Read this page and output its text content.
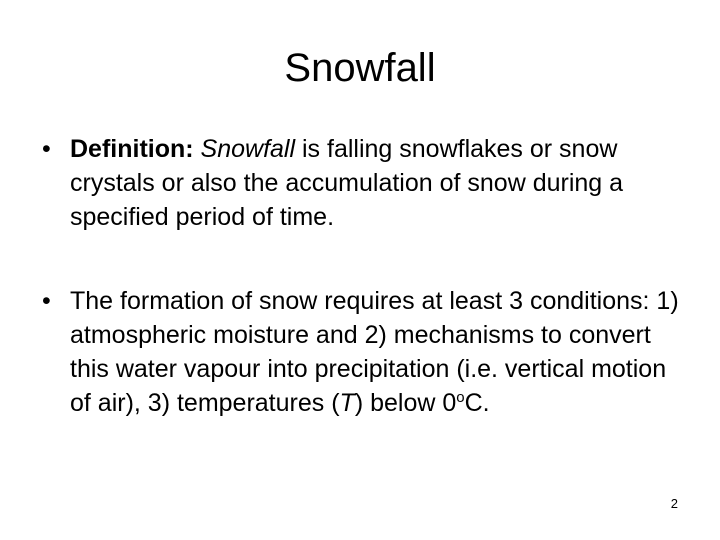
Snowfall
• Definition: Snowfall is falling snowflakes or snow crystals or also the accumulation of snow during a specified period of time.
• The formation of snow requires at least 3 conditions: 1) atmospheric moisture and 2) mechanisms to convert this water vapour into precipitation (i.e. vertical motion of air), 3) temperatures (T) below 0$^o$C.
2
